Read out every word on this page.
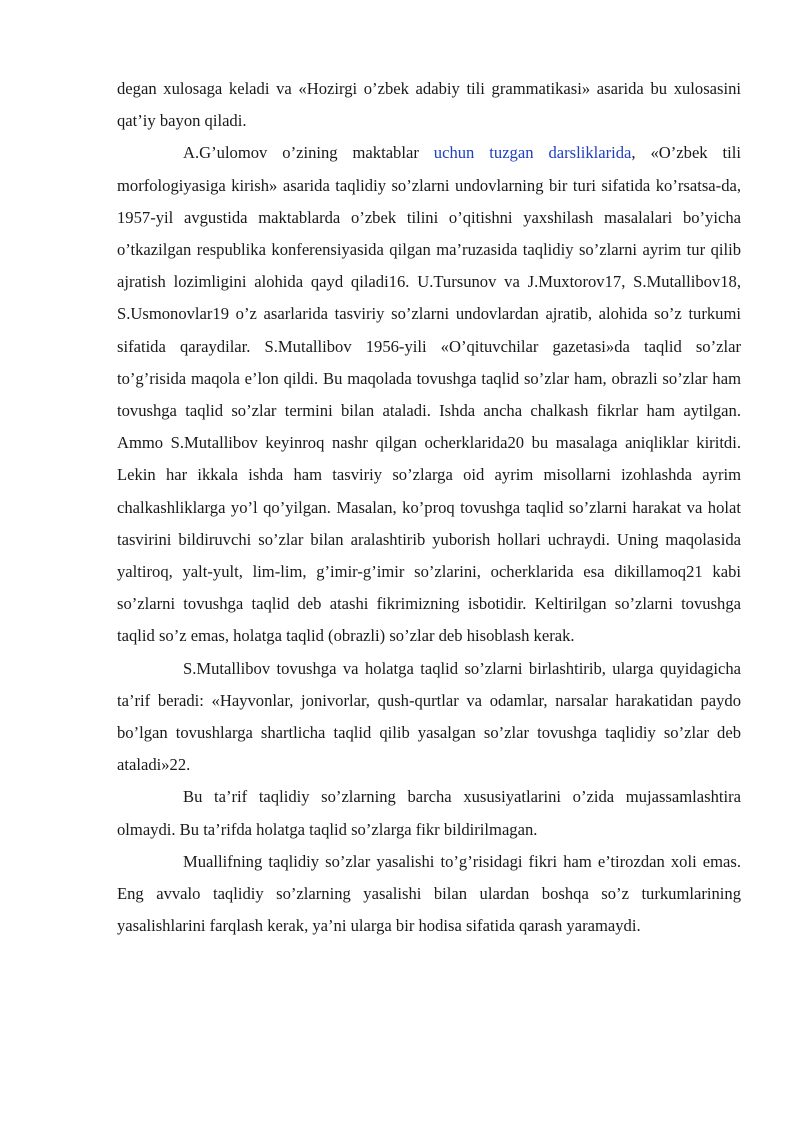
degan xulosaga keladi va «Hozirgi o’zbek adabiy tili grammatikasi» asarida bu xulosasini qat’iy bayon qiladi.

A.G’ulomov o’zining maktablar uchun tuzgan darsliklarida, «O’zbek tili morfologiyasiga kirish» asarida taqlidiy so’zlarni undovlarning bir turi sifatida ko’rsatsa-da, 1957-yil avgustida maktablarda o’zbek tilini o’qitishni yaxshilash masalalari bo’yicha o’tkazilgan respublika konferensiyasida qilgan ma’ruzasida taqlidiy so’zlarni ayrim tur qilib ajratish lozimligini alohida qayd qiladi16. U.Tursunov va J.Muxtorov17, S.Mutallibov18, S.Usmonovlar19 o’z asarlarida tasviriy so’zlarni undovlardan ajratib, alohida so’z turkumi sifatida qaraydilar. S.Mutallibov 1956-yili «O’qituvchilar gazetasi»da taqlid so’zlar to’g’risida maqola e’lon qildi. Bu maqolada tovushga taqlid so’zlar ham, obrazli so’zlar ham tovushga taqlid so’zlar termini bilan ataladi. Ishda ancha chalkash fikrlar ham aytilgan. Ammo S.Mutallibov keyinroq nashr qilgan ocherklarida20 bu masalaga aniqliklar kiritdi. Lekin har ikkala ishda ham tasviriy so’zlarga oid ayrim misollarni izohlashda ayrim chalkashliklarga yo’l qo’yilgan. Masalan, ko’proq tovushga taqlid so’zlarni harakat va holat tasvirini bildiruvchi so’zlar bilan aralashtirib yuborish hollari uchraydi. Uning maqolasida yaltiroq, yalt-yult, lim-lim, g’imir-g’imir so’zlarini, ocherklarida esa dikillamoq21 kabi so’zlarni tovushga taqlid deb atashi fikrimizning isbotidir. Keltirilgan so’zlarni tovushga taqlid so’z emas, holatga taqlid (obrazli) so’zlar deb hisoblash kerak.

S.Mutallibov tovushga va holatga taqlid so’zlarni birlashtirib, ularga quyidagicha ta’rif beradi: «Hayvonlar, jonivorlar, qush-qurtlar va odamlar, narsalar harakatidan paydo bo’lgan tovushlarga shartlicha taqlid qilib yasalgan so’zlar tovushga taqlidiy so’zlar deb ataladi»22.

Bu ta’rif taqlidiy so’zlarning barcha xususiyatlarini o’zida mujassamlashtira olmaydi. Bu ta’rifda holatga taqlid so’zlarga fikr bildirilmagan.

Muallifning taqlidiy so’zlar yasalishi to’g’risidagi fikri ham e’tirozdan xoli emas. Eng avvalo taqlidiy so’zlarning yasalishi bilan ulardan boshqa so’z turkumlarining yasalishlarini farqlash kerak, ya’ni ularga bir hodisa sifatida qarash yaramaydi.
